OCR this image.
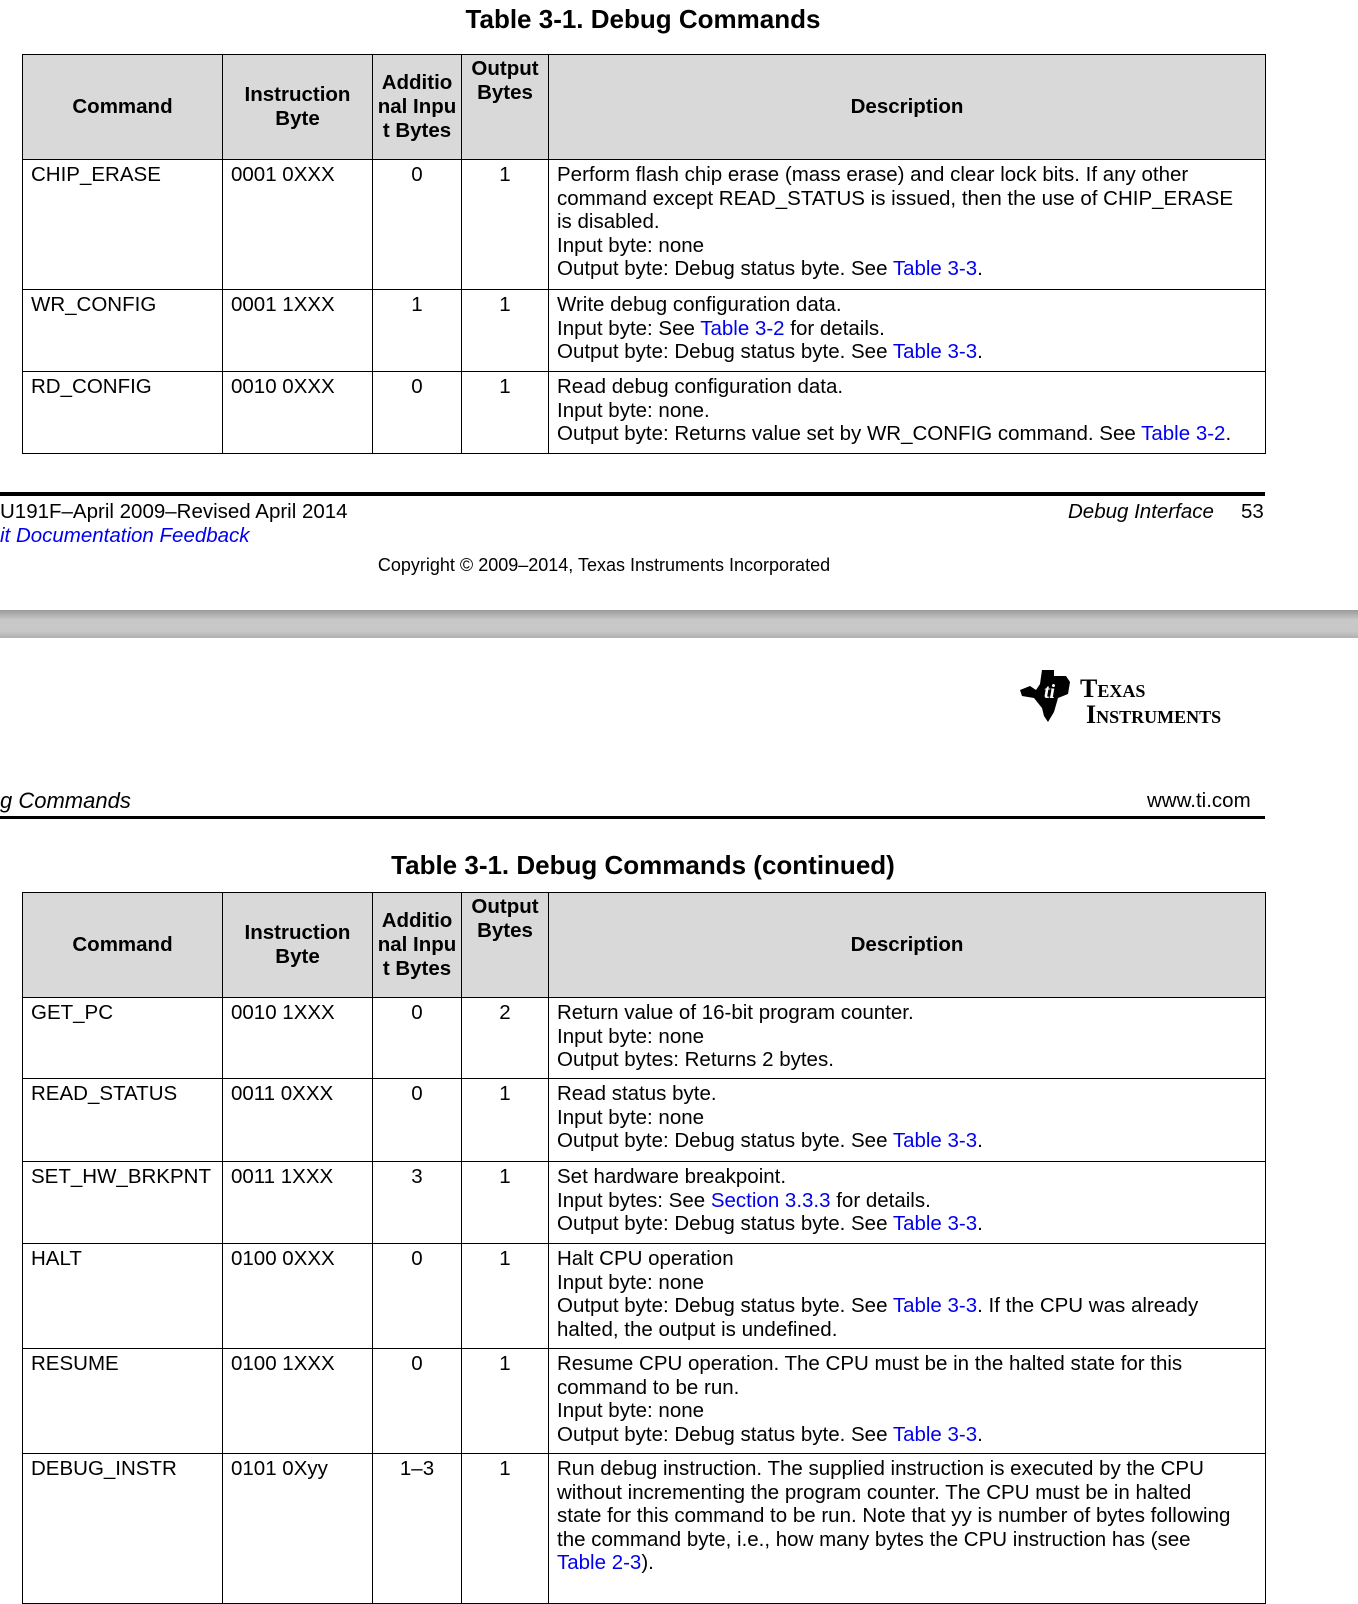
Table 3-1. Debug Commands
Command	Instruction Byte	Additional Input Bytes	Output Bytes	Description
CHIP_ERASE	0001 0XXX	0	1	Perform flash chip erase (mass erase) and clear lock bits. If any other
command except READ_STATUS is issued, then the use of CHIP_ERASE
is disabled.
Input byte: none
Output byte: Debug status byte. See Table 3-3.

WR_CONFIG	0001 1XXX	1	1	Write debug configuration data.
Input byte: See Table 3-2 for details.
Output byte: Debug status byte. See Table 3-3.

RD_CONFIG	0010 0XXX	0	1	Read debug configuration data.
Input byte: none.
Output byte: Returns value set by WR_CONFIG command. See Table 3-2.
U191F–April 2009–Revised April 2014
it Documentation Feedback
Debug Interface 53
Copyright © 2009–2014, Texas Instruments Incorporated
ti Texas
Instruments
g Commands	www.ti.com
Table 3-1. Debug Commands (continued)
Command	Instruction Byte	Additional Input Bytes	Output Bytes	Description
GET_PC	0010 1XXX	0	2	Return value of 16-bit program counter.
Input byte: none
Output bytes: Returns 2 bytes.

READ_STATUS	0011 0XXX	0	1	Read status byte.
Input byte: none
Output byte: Debug status byte. See Table 3-3.

SET_HW_BRKPNT	0011 1XXX	3	1	Set hardware breakpoint.
Input bytes: See Section 3.3.3 for details.
Output byte: Debug status byte. See Table 3-3.

HALT	0100 0XXX	0	1	Halt CPU operation
Input byte: none
Output byte: Debug status byte. See Table 3-3. If the CPU was already
halted, the output is undefined.

RESUME	0100 1XXX	0	1	Resume CPU operation. The CPU must be in the halted state for this
command to be run.
Input byte: none
Output byte: Debug status byte. See Table 3-3.

DEBUG_INSTR	0101 0Xyy	1–3	1	Run debug instruction. The supplied instruction is executed by the CPU
without incrementing the program counter. The CPU must be in halted
state for this command to be run. Note that yy is number of bytes following
the command byte, i.e., how many bytes the CPU instruction has (see
Table 2-3).
